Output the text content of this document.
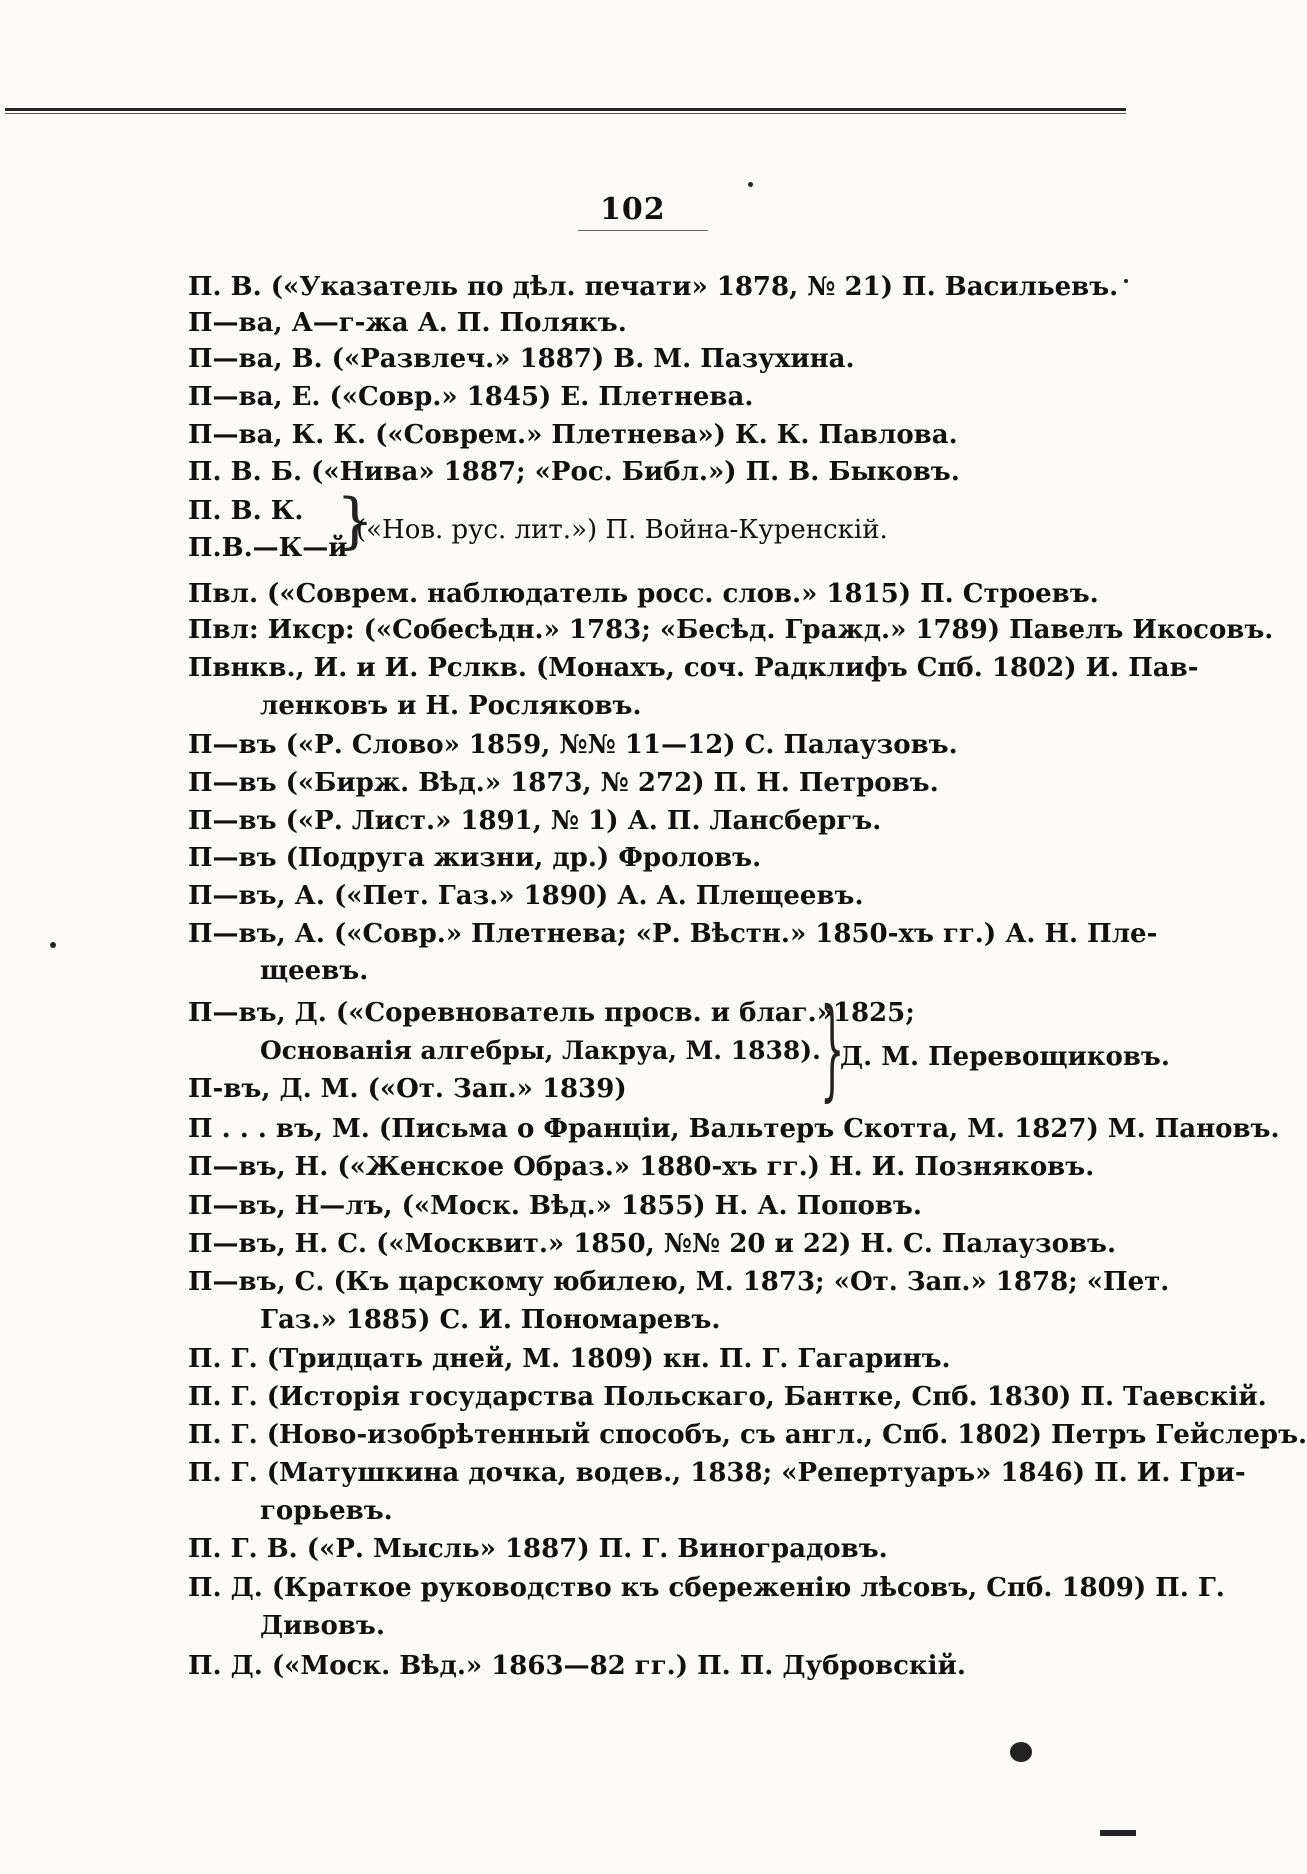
102
П. В. («Указатель по дѣл. печати» 1878, № 21) П. Васильевъ.
П—ва, А—г-жа А. П. Полякъ.
П—ва, В. («Развлеч.» 1887) В. М. Пазухина.
П—ва, Е. («Совр.» 1845) Е. Плетнева.
П—ва, К. К. («Соврем.» Плетнева») К. К. Павлова.
П. В. Б. («Нива» 1887; «Рос. Библ.») П. В. Быковъ.
П. В. К.
П.В.—К—й
}
(«Нов. рус. лит.») П. Война-Куренскій.
Пвл. («Соврем. наблюдатель росс. слов.» 1815) П. Строевъ.
Пвл: Икср: («Собесѣдн.» 1783; «Бесѣд. Гражд.» 1789) Павелъ Икосовъ.
Пвнкв., И. и И. Рслкв. (Монахъ, соч. Радклифъ Спб. 1802) И. Пав-
ленковъ и Н. Росляковъ.
П—въ («Р. Слово» 1859, №№ 11—12) С. Палаузовъ.
П—въ («Бирж. Вѣд.» 1873, № 272) П. Н. Петровъ.
П—въ («Р. Лист.» 1891, № 1) А. П. Лансбергъ.
П—въ (Подруга жизни, др.) Фроловъ.
П—въ, А. («Пет. Газ.» 1890) А. А. Плещеевъ.
П—въ, А. («Совр.» Плетнева; «Р. Вѣстн.» 1850-хъ гг.) А. Н. Пле-
щеевъ.
П—въ, Д. («Соревнователь просв. и благ.»1825;
Основанія алгебры, Лакруа, М. 1838).
П-въ, Д. М. («От. Зап.» 1839) }
Д. М. Перевощиковъ.
П . . . въ, М. (Письма о Франціи, Вальтеръ Скотта, М. 1827) М. Пановъ.
П—въ, Н. («Женское Образ.» 1880-хъ гг.) Н. И. Позняковъ.
П—въ, Н—лъ, («Моск. Вѣд.» 1855) Н. А. Поповъ.
П—въ, Н. С. («Москвит.» 1850, №№ 20 и 22) Н. С. Палаузовъ.
П—въ, С. (Къ царскому юбилею, М. 1873; «От. Зап.» 1878; «Пет.
Газ.» 1885) С. И. Пономаревъ.
П. Г. (Тридцать дней, М. 1809) кн. П. Г. Гагаринъ.
П. Г. (Исторія государства Польскаго, Бантке, Спб. 1830) П. Таевскій.
П. Г. (Ново-изобрѣтенный способъ, съ англ., Спб. 1802) Петръ Гейслеръ.
П. Г. (Матушкина дочка, водев., 1838; «Репертуаръ» 1846) П. И. Гри-
горьевъ.
П. Г. В. («Р. Мысль» 1887) П. Г. Виноградовъ.
П. Д. (Краткое руководство къ сбереженію лѣсовъ, Спб. 1809) П. Г.
Дивовъ.
П. Д. («Моск. Вѣд.» 1863—82 гг.) П. П. Дубровскій.
